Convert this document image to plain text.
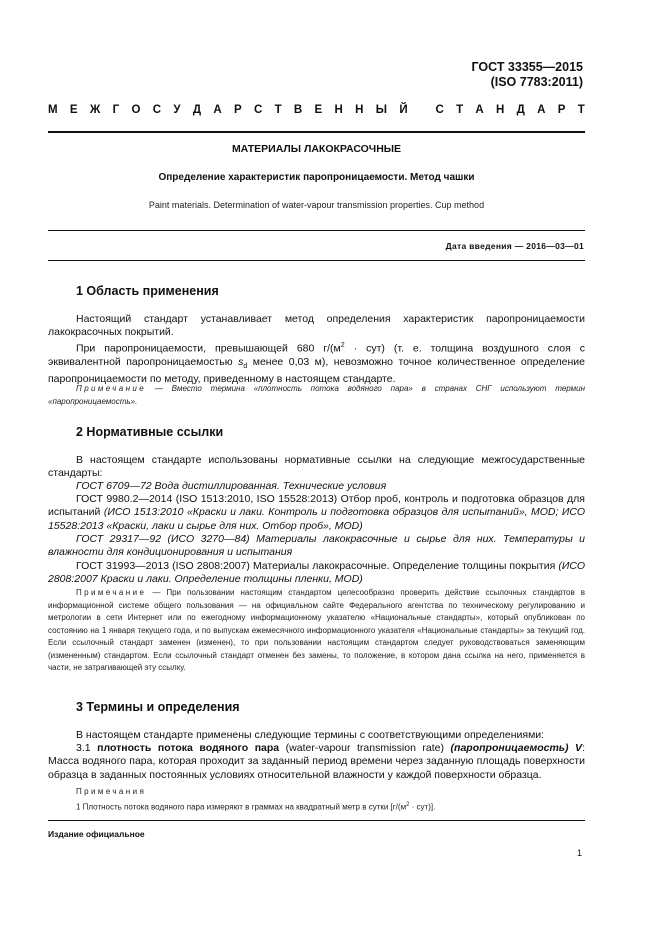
ГОСТ 33355—2015
(ISO 7783:2011)
М Е Ж Г О С У Д А Р С Т В Е Н Н Ы Й
С Т А Н Д А Р Т
МАТЕРИАЛЫ ЛАКОКРАСОЧНЫЕ
Определение характеристик паропроницаемости. Метод чашки
Paint materials. Determination of water-vapour transmission properties. Cup method
Дата введения — 2016—03—01
1 Область применения
Настоящий стандарт устанавливает метод определения характеристик паропроницаемости лакокрасочных покрытий.
При паропроницаемости, превышающей 680 $г/(м^2 \cdot сут)$ (т. е. толщина воздушного слоя с эквивалентной паропроницаемостью $s_d$ менее 0,03 м), невозможно точное количественное определение паропроницаемости по методу, приведенному в настоящем стандарте.
Примечание — Вместо термина «плотность потока водяного пара» в странах СНГ используют термин «паропроницаемость».
2 Нормативные ссылки
В настоящем стандарте использованы нормативные ссылки на следующие межгосударственные стандарты:
ГОСТ 6709—72 Вода дистиллированная. Технические условия
ГОСТ 9980.2—2014 (ISO 1513:2010, ISO 15528:2013) Отбор проб, контроль и подготовка образцов для испытаний (ИСО 1513:2010 «Краски и лаки. Контроль и подготовка образцов для испытаний», MOD; ИСО 15528:2013 «Краски, лаки и сырье для них. Отбор проб», MOD)
ГОСТ 29317—92 (ИСО 3270—84) Материалы лакокрасочные и сырье для них. Температуры и влажности для кондиционирования и испытания
ГОСТ 31993—2013 (ISO 2808:2007) Материалы лакокрасочные. Определение толщины покрытия (ИСО 2808:2007 Краски и лаки. Определение толщины пленки, MOD)
Примечание — При пользовании настоящим стандартом целесообразно проверить действие ссылочных стандартов в информационной системе общего пользования — на официальном сайте Федерального агентства по техническому регулированию и метрологии в сети Интернет или по ежегодному информационному указателю «Национальные стандарты», который опубликован по состоянию на 1 января текущего года, и по выпускам ежемесячного информационного указателя «Национальные стандарты» за текущий год. Если ссылочный стандарт заменен (изменен), то при пользовании настоящим стандартом следует руководствоваться заменяющим (измененным) стандартом. Если ссылочный стандарт отменен без замены, то положение, в котором дана ссылка на него, применяется в части, не затрагивающей эту ссылку.
3 Термины и определения
В настоящем стандарте применены следующие термины с соответствующими определениями:
3.1 плотность потока водяного пара (water-vapour transmission rate) (паропроницаемость) V: Масса водяного пара, которая проходит за заданный период времени через заданную площадь поверхности образца в заданных постоянных условиях относительной влажности у каждой поверхности образца.
Примечания
1 Плотность потока водяного пара измеряют в граммах на квадратный метр в сутки $[г/(м^2 \cdot сут)]$.
Издание официальное
1
